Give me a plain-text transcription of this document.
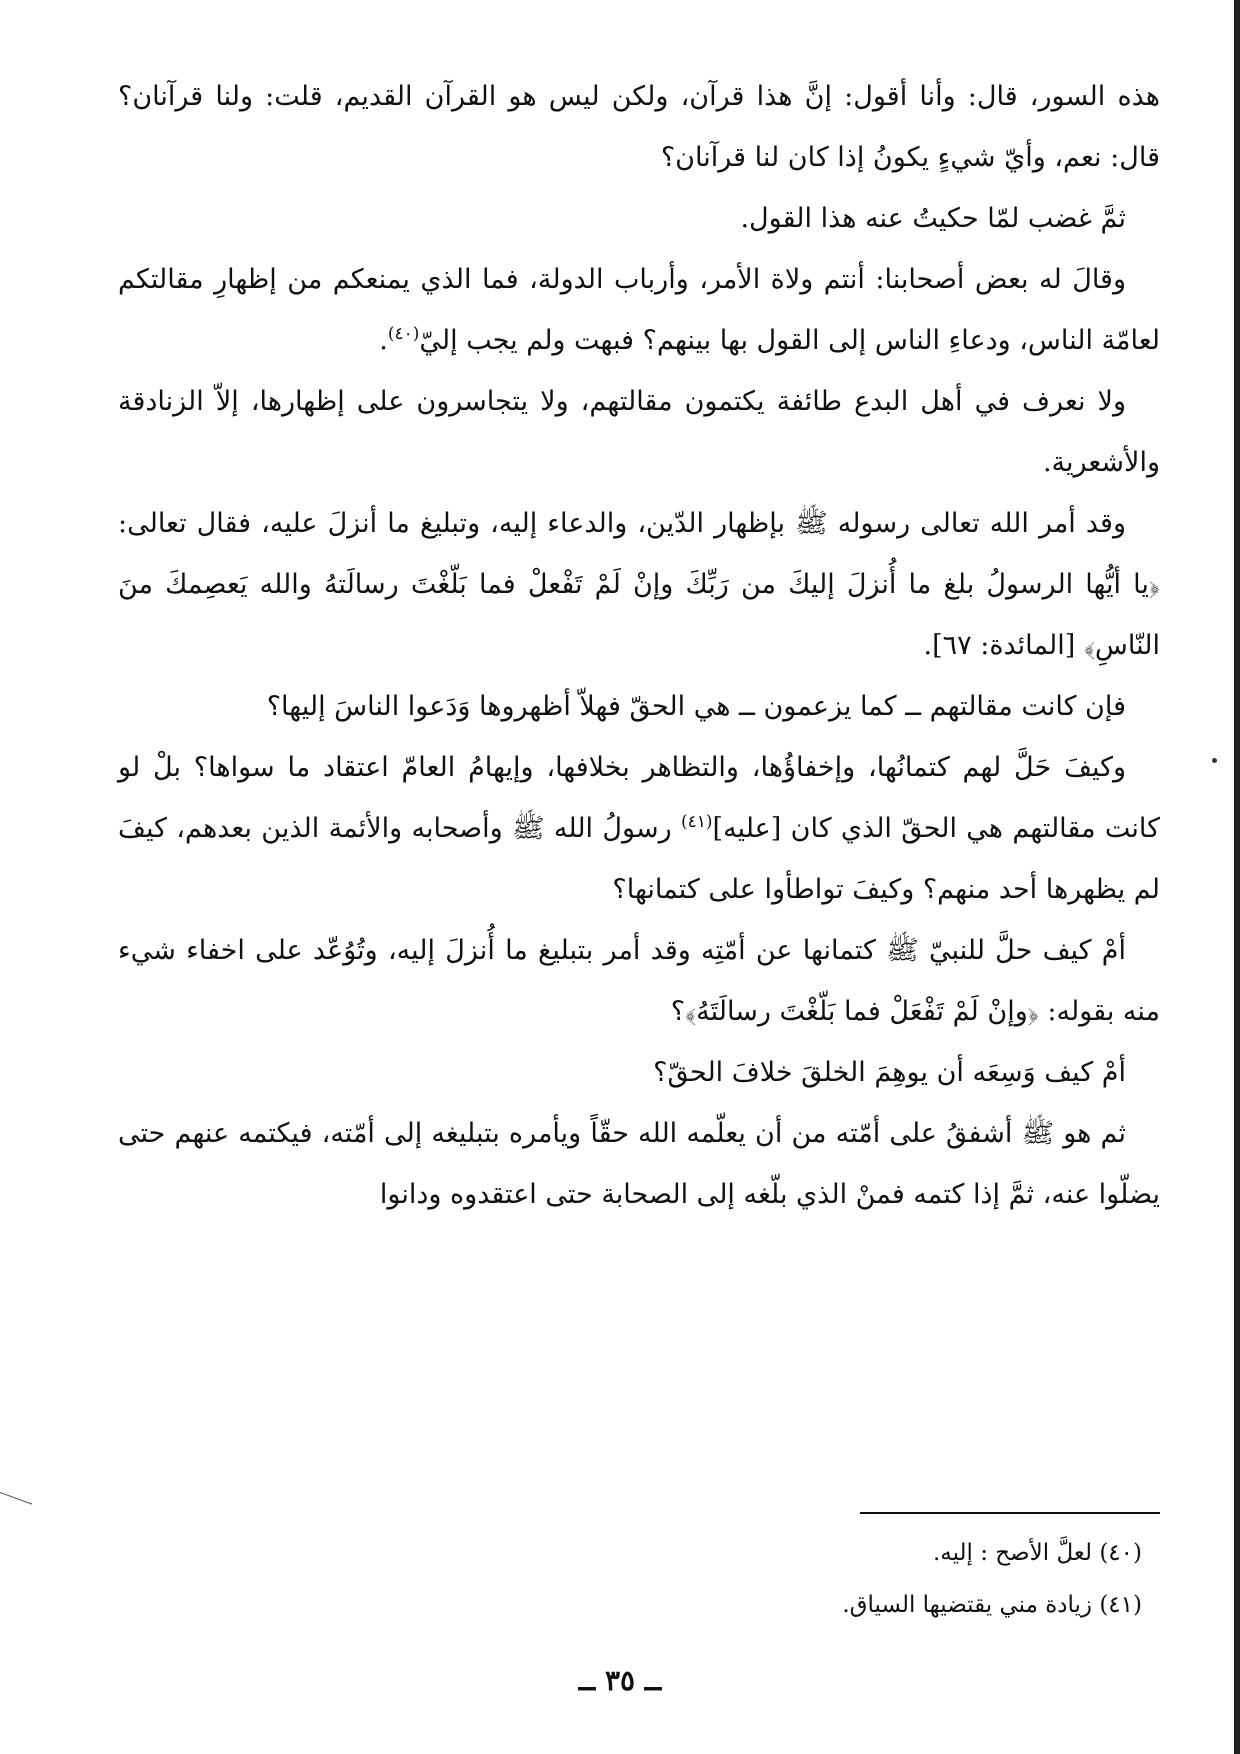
هذه السور، قال: وأنا أقول: إنَّ هذا قرآن، ولكن ليس هو القرآن القديم، قلت: ولنا قرآنان؟ قال: نعم، وأيّ شيءٍ يكونُ إذا كان لنا قرآنان؟

ثمَّ غضب لمّا حكيتُ عنه هذا القول.

وقالَ له بعض أصحابنا: أنتم ولاة الأمر، وأرباب الدولة، فما الذي يمنعكم من إظهارِ مقالتكم لعامّة الناس، ودعاءِ الناس إلى القول بها بينهم؟ فبهت ولم يجب إليّ$^{(٤٠)}$.

ولا نعرف في أهل البدع طائفة يكتمون مقالتهم، ولا يتجاسرون على إظهارها، إلاّ الزنادقة والأشعرية.

وقد أمر الله تعالى رسوله ﷺ بإظهار الدّين، والدعاء إليه، وتبليغ ما أنزلَ عليه، فقال تعالى: ﴿يا أيُّها الرسولُ بلغ ما أُنزلَ إليكَ من رَبِّكَ وإنْ لَمْ تَفْعلْ فما بَلّغْتَ رسالَتهُ والله يَعصِمكَ منَ النّاسِ﴾ [المائدة: ٦٧].

فإن كانت مقالتهم ــ كما يزعمون ــ هي الحقّ فهلاّ أظهروها وَدَعوا الناسَ إليها؟

وكيفَ حَلَّ لهم كتمانُها، وإخفاؤُها، والتظاهر بخلافها، وإيهامُ العامّ اعتقاد ما سواها؟ بلْ لو كانت مقالتهم هي الحقّ الذي كان [عليه]$^{(٤١)}$ رسولُ الله ﷺ وأصحابه والأئمة الذين بعدهم، كيفَ لم يظهرها أحد منهم؟ وكيفَ تواطأوا على كتمانها؟

أمْ كيف حلَّ للنبيّ ﷺ كتمانها عن أمّتِه وقد أمر بتبليغ ما أُنزلَ إليه، وتُوُعّد على اخفاء شيء منه بقوله: ﴿وإنْ لَمْ تَفْعَلْ فما بَلّغْتَ رسالَتَهُ﴾؟

أمْ كيف وَسِعَه أن يوهِمَ الخلقَ خلافَ الحقّ؟

ثم هو ﷺ أشفقُ على أمّته من أن يعلّمه الله حقّاً ويأمره بتبليغه إلى أمّته، فيكتمه عنهم حتى يضلّوا عنه، ثمَّ إذا كتمه فمنْ الذي بلّغه إلى الصحابة حتى اعتقدوه ودانوا

(٤٠) لعلَّ الأصح : إليه.

(٤١) زيادة مني يقتضيها السياق.

ــ ٣٥ ــ
